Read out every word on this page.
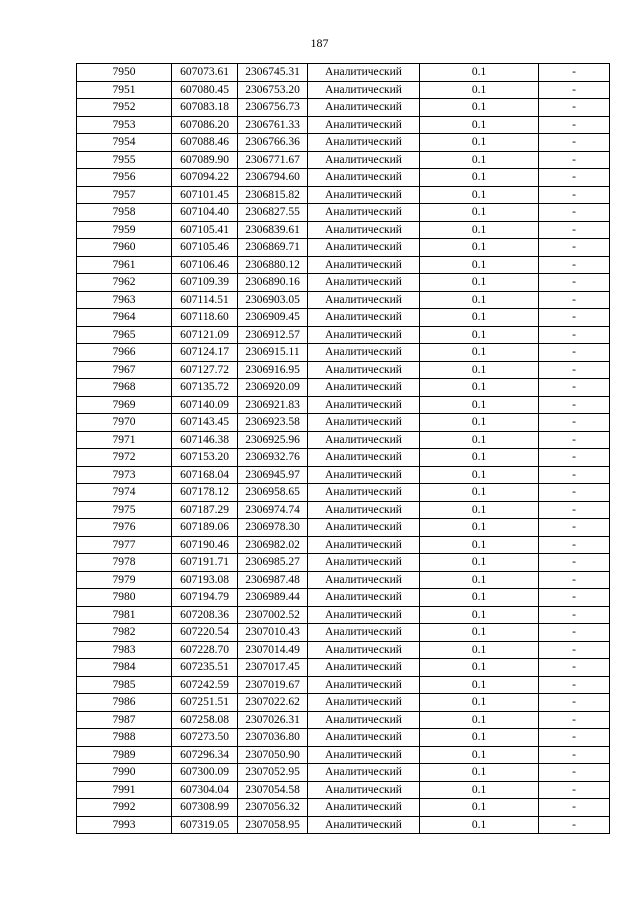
187
7950	607073.61	2306745.31	Аналитический	0.1	-
7951	607080.45	2306753.20	Аналитический	0.1	-
7952	607083.18	2306756.73	Аналитический	0.1	-
7953	607086.20	2306761.33	Аналитический	0.1	-
7954	607088.46	2306766.36	Аналитический	0.1	-
7955	607089.90	2306771.67	Аналитический	0.1	-
7956	607094.22	2306794.60	Аналитический	0.1	-
7957	607101.45	2306815.82	Аналитический	0.1	-
7958	607104.40	2306827.55	Аналитический	0.1	-
7959	607105.41	2306839.61	Аналитический	0.1	-
7960	607105.46	2306869.71	Аналитический	0.1	-
7961	607106.46	2306880.12	Аналитический	0.1	-
7962	607109.39	2306890.16	Аналитический	0.1	-
7963	607114.51	2306903.05	Аналитический	0.1	-
7964	607118.60	2306909.45	Аналитический	0.1	-
7965	607121.09	2306912.57	Аналитический	0.1	-
7966	607124.17	2306915.11	Аналитический	0.1	-
7967	607127.72	2306916.95	Аналитический	0.1	-
7968	607135.72	2306920.09	Аналитический	0.1	-
7969	607140.09	2306921.83	Аналитический	0.1	-
7970	607143.45	2306923.58	Аналитический	0.1	-
7971	607146.38	2306925.96	Аналитический	0.1	-
7972	607153.20	2306932.76	Аналитический	0.1	-
7973	607168.04	2306945.97	Аналитический	0.1	-
7974	607178.12	2306958.65	Аналитический	0.1	-
7975	607187.29	2306974.74	Аналитический	0.1	-
7976	607189.06	2306978.30	Аналитический	0.1	-
7977	607190.46	2306982.02	Аналитический	0.1	-
7978	607191.71	2306985.27	Аналитический	0.1	-
7979	607193.08	2306987.48	Аналитический	0.1	-
7980	607194.79	2306989.44	Аналитический	0.1	-
7981	607208.36	2307002.52	Аналитический	0.1	-
7982	607220.54	2307010.43	Аналитический	0.1	-
7983	607228.70	2307014.49	Аналитический	0.1	-
7984	607235.51	2307017.45	Аналитический	0.1	-
7985	607242.59	2307019.67	Аналитический	0.1	-
7986	607251.51	2307022.62	Аналитический	0.1	-
7987	607258.08	2307026.31	Аналитический	0.1	-
7988	607273.50	2307036.80	Аналитический	0.1	-
7989	607296.34	2307050.90	Аналитический	0.1	-
7990	607300.09	2307052.95	Аналитический	0.1	-
7991	607304.04	2307054.58	Аналитический	0.1	-
7992	607308.99	2307056.32	Аналитический	0.1	-
7993	607319.05	2307058.95	Аналитический	0.1	-
